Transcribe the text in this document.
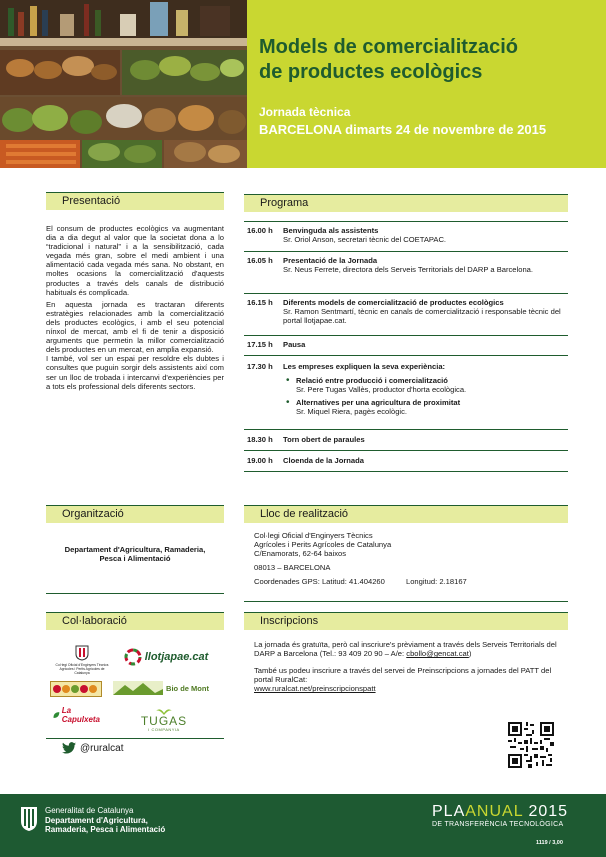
Models de comercialització
de productes ecològics
Jornada tècnica
BARCELONA dimarts 24 de novembre de 2015
Presentació

El consum de productes ecològics va augmentant dia a dia degut al valor que la societat dona a lo “tradicional i natural” i a la sensibilització, cada vegada més gran, sobre el medi ambient i una alimentació cada vegada més sana. No obstant, en moltes ocasions la comercialització d'aquests productes a través dels canals de distribució habituals és complicada.

En aquesta jornada es tractaran diferents estratègies relacionades amb la comercialització dels productes ecològics, i amb el seu potencial nínxol de mercat, amb el fi de tenir a disposició arguments que permetin la millor comercialització dels productes en un mercat, en amplia expansió.

I també, vol ser un espai per resoldre els dubtes i consultes que puguin sorgir dels assistents així com ser un lloc de trobada i intercanvi d'experiències per a tots els professional dels diferents sectors.

Programa
16.00 h Benvinguda als assistents
Sr. Oriol Anson, secretari tècnic del COETAPAC.
16.05 h Presentació de la Jornada
Sr. Neus Ferrete, directora dels Serveis Territorials del DARP a Barcelona.
16.15 h Diferents models de comercialització de productes ecològics
Sr. Ramon Sentmartí, tècnic en canals de comercialització i responsable tècnic del portal llotjapae.cat.
17.15 h Pausa
17.30 h Les empreses expliquen la seva experiència:
• Relació entre producció i comercialització
Sr. Pere Tugas Vallès, productor d'horta ecològica.
• Alternatives per una agricultura de proximitat
Sr. Miquel Riera, pagès ecològic.
18.30 h Torn obert de paraules
19.00 h Cloenda de la Jornada
Organització
Departament d'Agricultura, Ramaderia,
Pesca i Alimentació
Lloc de realització
Col·legi Oficial d'Enginyers Tècnics
Agrícoles i Perits Agrícoles de Catalunya
C/Enamorats, 62-64 baixos
08013 – BARCELONA
Coordenades GPS: Latitud: 41.404260          Longitud: 2.18167
Col·laboració
Col·legi Oficial d'Enginyers Tècnics
Agrícoles i Perits Agrícoles de Catalunya
llotjapae.cat
Bio de Mont
La Capulxeta	TUGAS
I COMPANYIA
@ruralcat
Inscripcions

La jornada és gratuïta, però cal inscriure's prèviament a través dels Serveis Territorials del DARP a Barcelona (Tel.: 93 409 20 90 – A/e: cbollo@gencat.cat)

També us podeu inscriure a través del servei de Preinscripcions a jornades del PATT del portal RuralCat:

www.ruralcat.net/preinscripcionspatt

Generalitat de Catalunya
Departament d'Agricultura,
Ramaderia, Pesca i Alimentació
PLAANUAL 2015
DE TRANSFERÈNCIA TECNOLÒGICA
1119 / 3,00
